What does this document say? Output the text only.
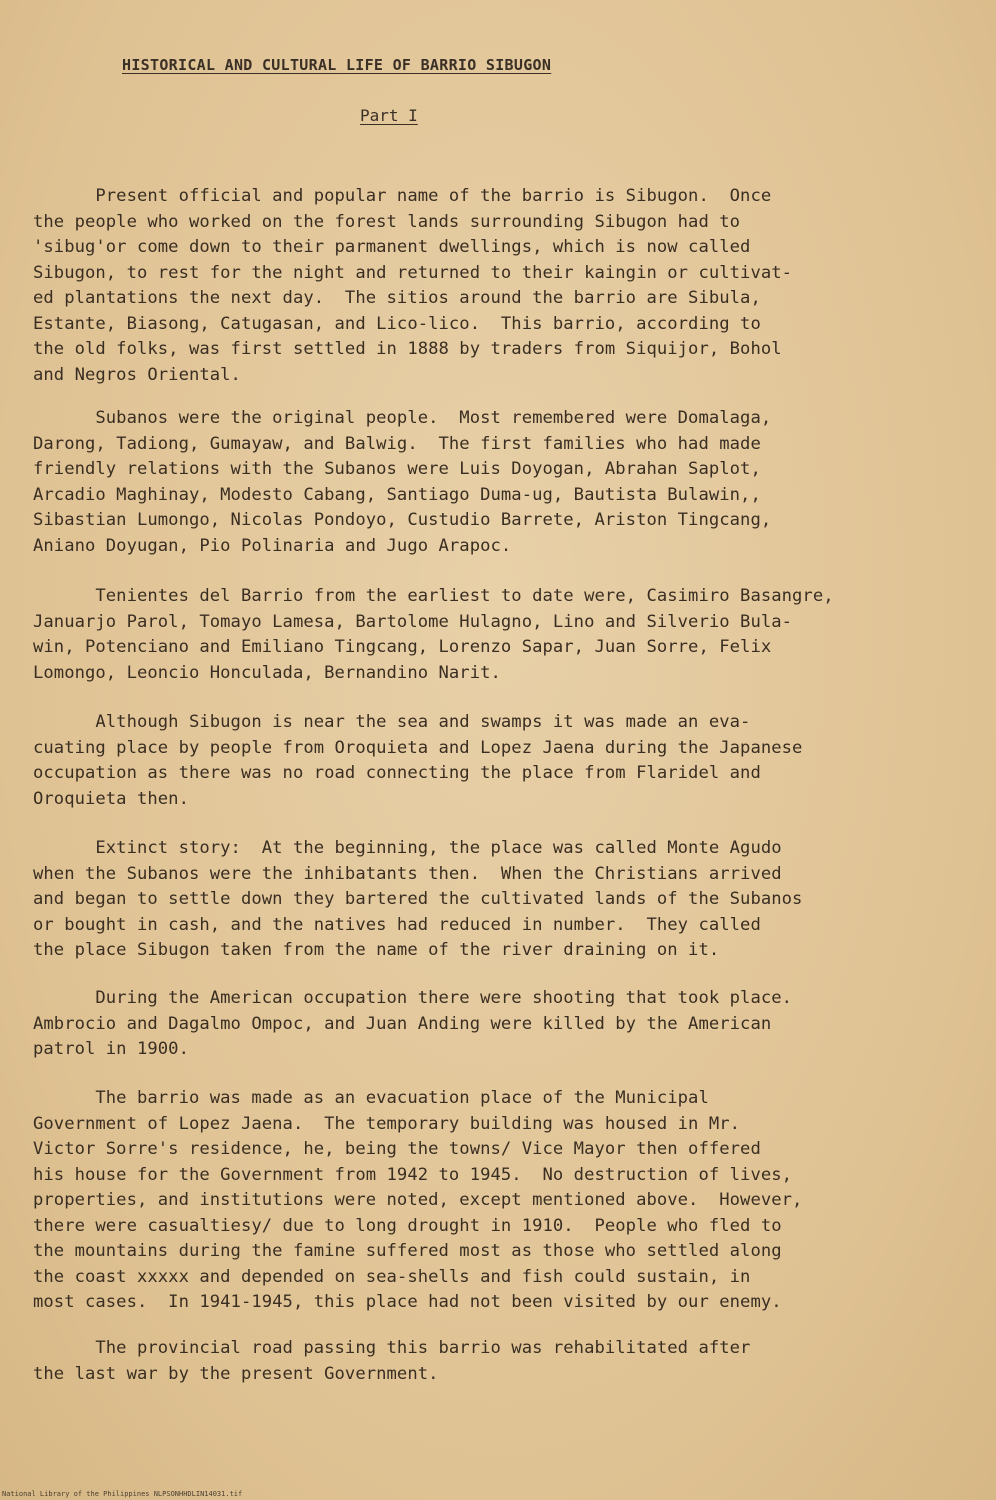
HISTORICAL AND CULTURAL LIFE OF BARRIO SIBUGON
Part I
Present official and popular name of the barrio is Sibugon.  Once
the people who worked on the forest lands surrounding Sibugon had to
'sibug'or come down to their parmanent dwellings, which is now called
Sibugon, to rest for the night and returned to their kaingin or cultivat-
ed plantations the next day.  The sitios around the barrio are Sibula,
Estante, Biasong, Catugasan, and Lico-lico.  This barrio, according to
the old folks, was first settled in 1888 by traders from Siquijor, Bohol
and Negros Oriental.
Subanos were the original people.  Most remembered were Domalaga,
Darong, Tadiong, Gumayaw, and Balwig.  The first families who had made
friendly relations with the Subanos were Luis Doyogan, Abrahan Saplot,
Arcadio Maghinay, Modesto Cabang, Santiago Duma-ug, Bautista Bulawin,,
Sibastian Lumongo, Nicolas Pondoyo, Custudio Barrete, Ariston Tingcang,
Aniano Doyugan, Pio Polinaria and Jugo Arapoc.
Tenientes del Barrio from the earliest to date were, Casimiro Basangre,
Januarjo Parol, Tomayo Lamesa, Bartolome Hulagno, Lino and Silverio Bula-
win, Potenciano and Emiliano Tingcang, Lorenzo Sapar, Juan Sorre, Felix
Lomongo, Leoncio Honculada, Bernandino Narit.
Although Sibugon is near the sea and swamps it was made an eva-
cuating place by people from Oroquieta and Lopez Jaena during the Japanese
occupation as there was no road connecting the place from Flaridel and
Oroquieta then.
Extinct story:  At the beginning, the place was called Monte Agudo
when the Subanos were the inhibatants then.  When the Christians arrived
and began to settle down they bartered the cultivated lands of the Subanos
or bought in cash, and the natives had reduced in number.  They called
the place Sibugon taken from the name of the river draining on it.
During the American occupation there were shooting that took place.
Ambrocio and Dagalmo Ompoc, and Juan Anding were killed by the American
patrol in 1900.
The barrio was made as an evacuation place of the Municipal
Government of Lopez Jaena.  The temporary building was housed in Mr.
Victor Sorre's residence, he, being the towns/ Vice Mayor then offered
his house for the Government from 1942 to 1945.  No destruction of lives,
properties, and institutions were noted, except mentioned above.  However,
there were casualtiesy/ due to long drought in 1910.  People who fled to
the mountains during the famine suffered most as those who settled along
the coast xxxxx and depended on sea-shells and fish could sustain, in
most cases.  In 1941-1945, this place had not been visited by our enemy.
The provincial road passing this barrio was rehabilitated after
the last war by the present Government.
National Library of the Philippines NLPSONHHDLIN14031.tif
